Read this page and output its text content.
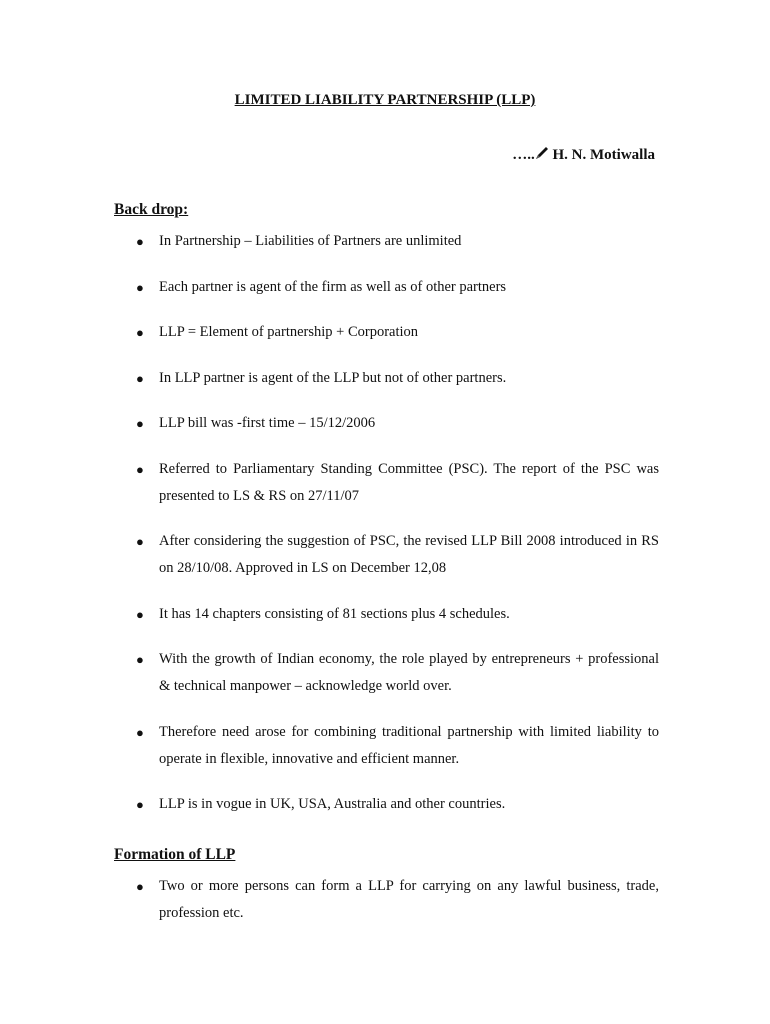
LIMITED LIABILITY PARTNERSHIP (LLP)
….. H. N. Motiwalla
Back drop:
● In Partnership – Liabilities of Partners are unlimited
● Each partner is agent of the firm as well as of other partners
● LLP = Element of partnership + Corporation
● In LLP partner is agent of the LLP but not of other partners.
● LLP bill was -first time – 15/12/2006
● Referred to Parliamentary Standing Committee (PSC). The report of the PSC was presented to LS & RS on 27/11/07
● After considering the suggestion of PSC, the revised LLP Bill 2008 introduced in RS on 28/10/08. Approved in LS on December 12,08
● It has 14 chapters consisting of 81 sections plus 4 schedules.
● With the growth of Indian economy, the role played by entrepreneurs + professional & technical manpower – acknowledge world over.
● Therefore need arose for combining traditional partnership with limited liability to operate in flexible, innovative and efficient manner.
● LLP is in vogue in UK, USA, Australia and other countries.
Formation of LLP
● Two or more persons can form a LLP for carrying on any lawful business, trade, profession etc.
